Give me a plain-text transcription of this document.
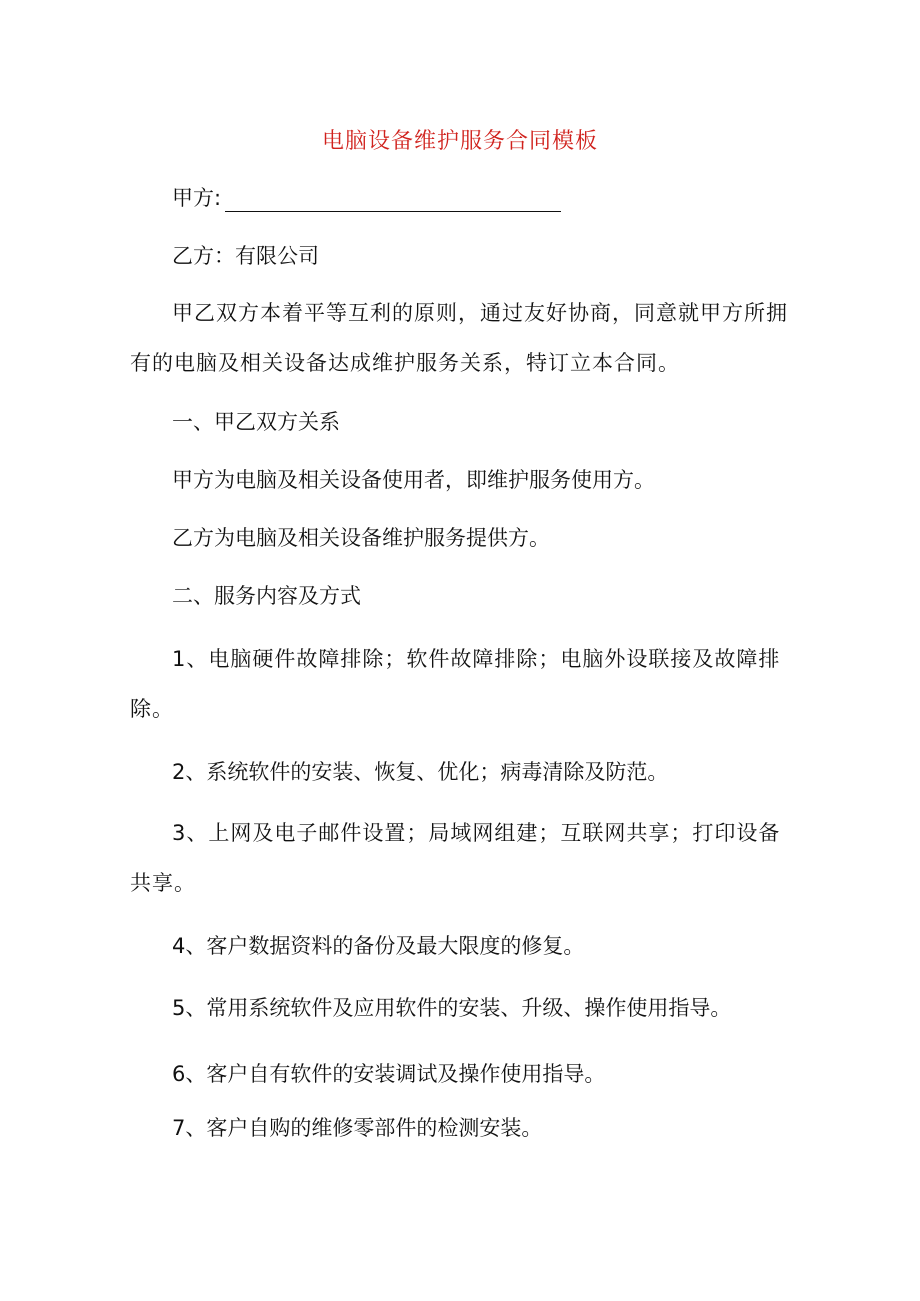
电脑设备维护服务合同模板
甲方:
乙方：有限公司
甲乙双方本着平等互利的原则，通过友好协商，同意就甲方所拥有的电脑及相关设备达成维护服务关系，特订立本合同。
一、甲乙双方关系
甲方为电脑及相关设备使用者，即维护服务使用方。
乙方为电脑及相关设备维护服务提供方。
二、服务内容及方式
1、电脑硬件故障排除；软件故障排除；电脑外设联接及故障排除。
2、系统软件的安装、恢复、优化；病毒清除及防范。
3、上网及电子邮件设置；局域网组建；互联网共享；打印设备共享。
4、客户数据资料的备份及最大限度的修复。
5、常用系统软件及应用软件的安装、升级、操作使用指导。
6、客户自有软件的安装调试及操作使用指导。
7、客户自购的维修零部件的检测安装。
